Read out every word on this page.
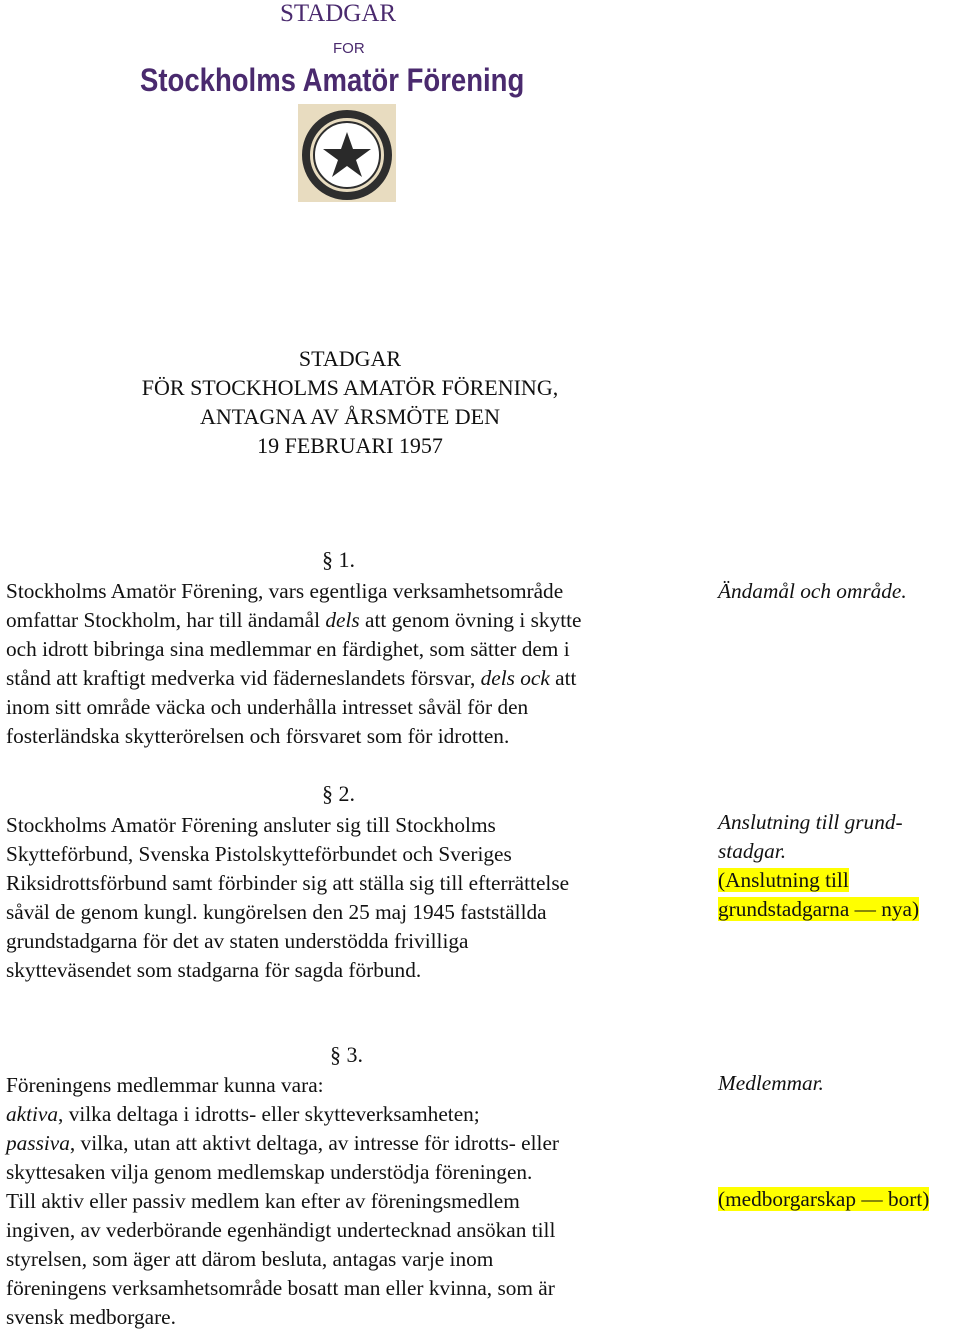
STADGAR
FOR
Stockholms Amatör Förening
STADGAR
FÖR STOCKHOLMS AMATÖR FÖRENING,
ANTAGNA AV ÅRSMÖTE DEN
19 FEBRUARI 1957
§ 1.
Stockholms Amatör Förening, vars egentliga verksamhetsområde
omfattar Stockholm, har till ändamål dels att genom övning i skytte
och idrott bibringa sina medlemmar en färdighet, som sätter dem i
stånd att kraftigt medverka vid fäderneslandets försvar, dels ock att
inom sitt område väcka och underhålla intresset såväl för den
fosterländska skytterörelsen och försvaret som för idrotten.
Ändamål och område.
§ 2.
Stockholms Amatör Förening ansluter sig till Stockholms
Skytteförbund, Svenska Pistolskytteförbundet och Sveriges
Riksidrottsförbund samt förbinder sig att ställa sig till efterrättelse
såväl de genom kungl. kungörelsen den 25 maj 1945 fastställda
grundstadgarna för det av staten understödda frivilliga
skytteväsendet som stadgarna för sagda förbund.
Anslutning till grund-
stadgar.
(Anslutning till
grundstadgarna — nya)
§ 3.
Föreningens medlemmar kunna vara:
aktiva, vilka deltaga i idrotts- eller skytteverksamheten;
passiva, vilka, utan att aktivt deltaga, av intresse för idrotts- eller
skyttesaken vilja genom medlemskap understödja föreningen.
Till aktiv eller passiv medlem kan efter av föreningsmedlem
ingiven, av vederbörande egenhändigt undertecknad ansökan till
styrelsen, som äger att därom besluta, antagas varje inom
föreningens verksamhetsområde bosatt man eller kvinna, som är
svensk medborgare.
Medlemmar.
(medborgarskap — bort)
